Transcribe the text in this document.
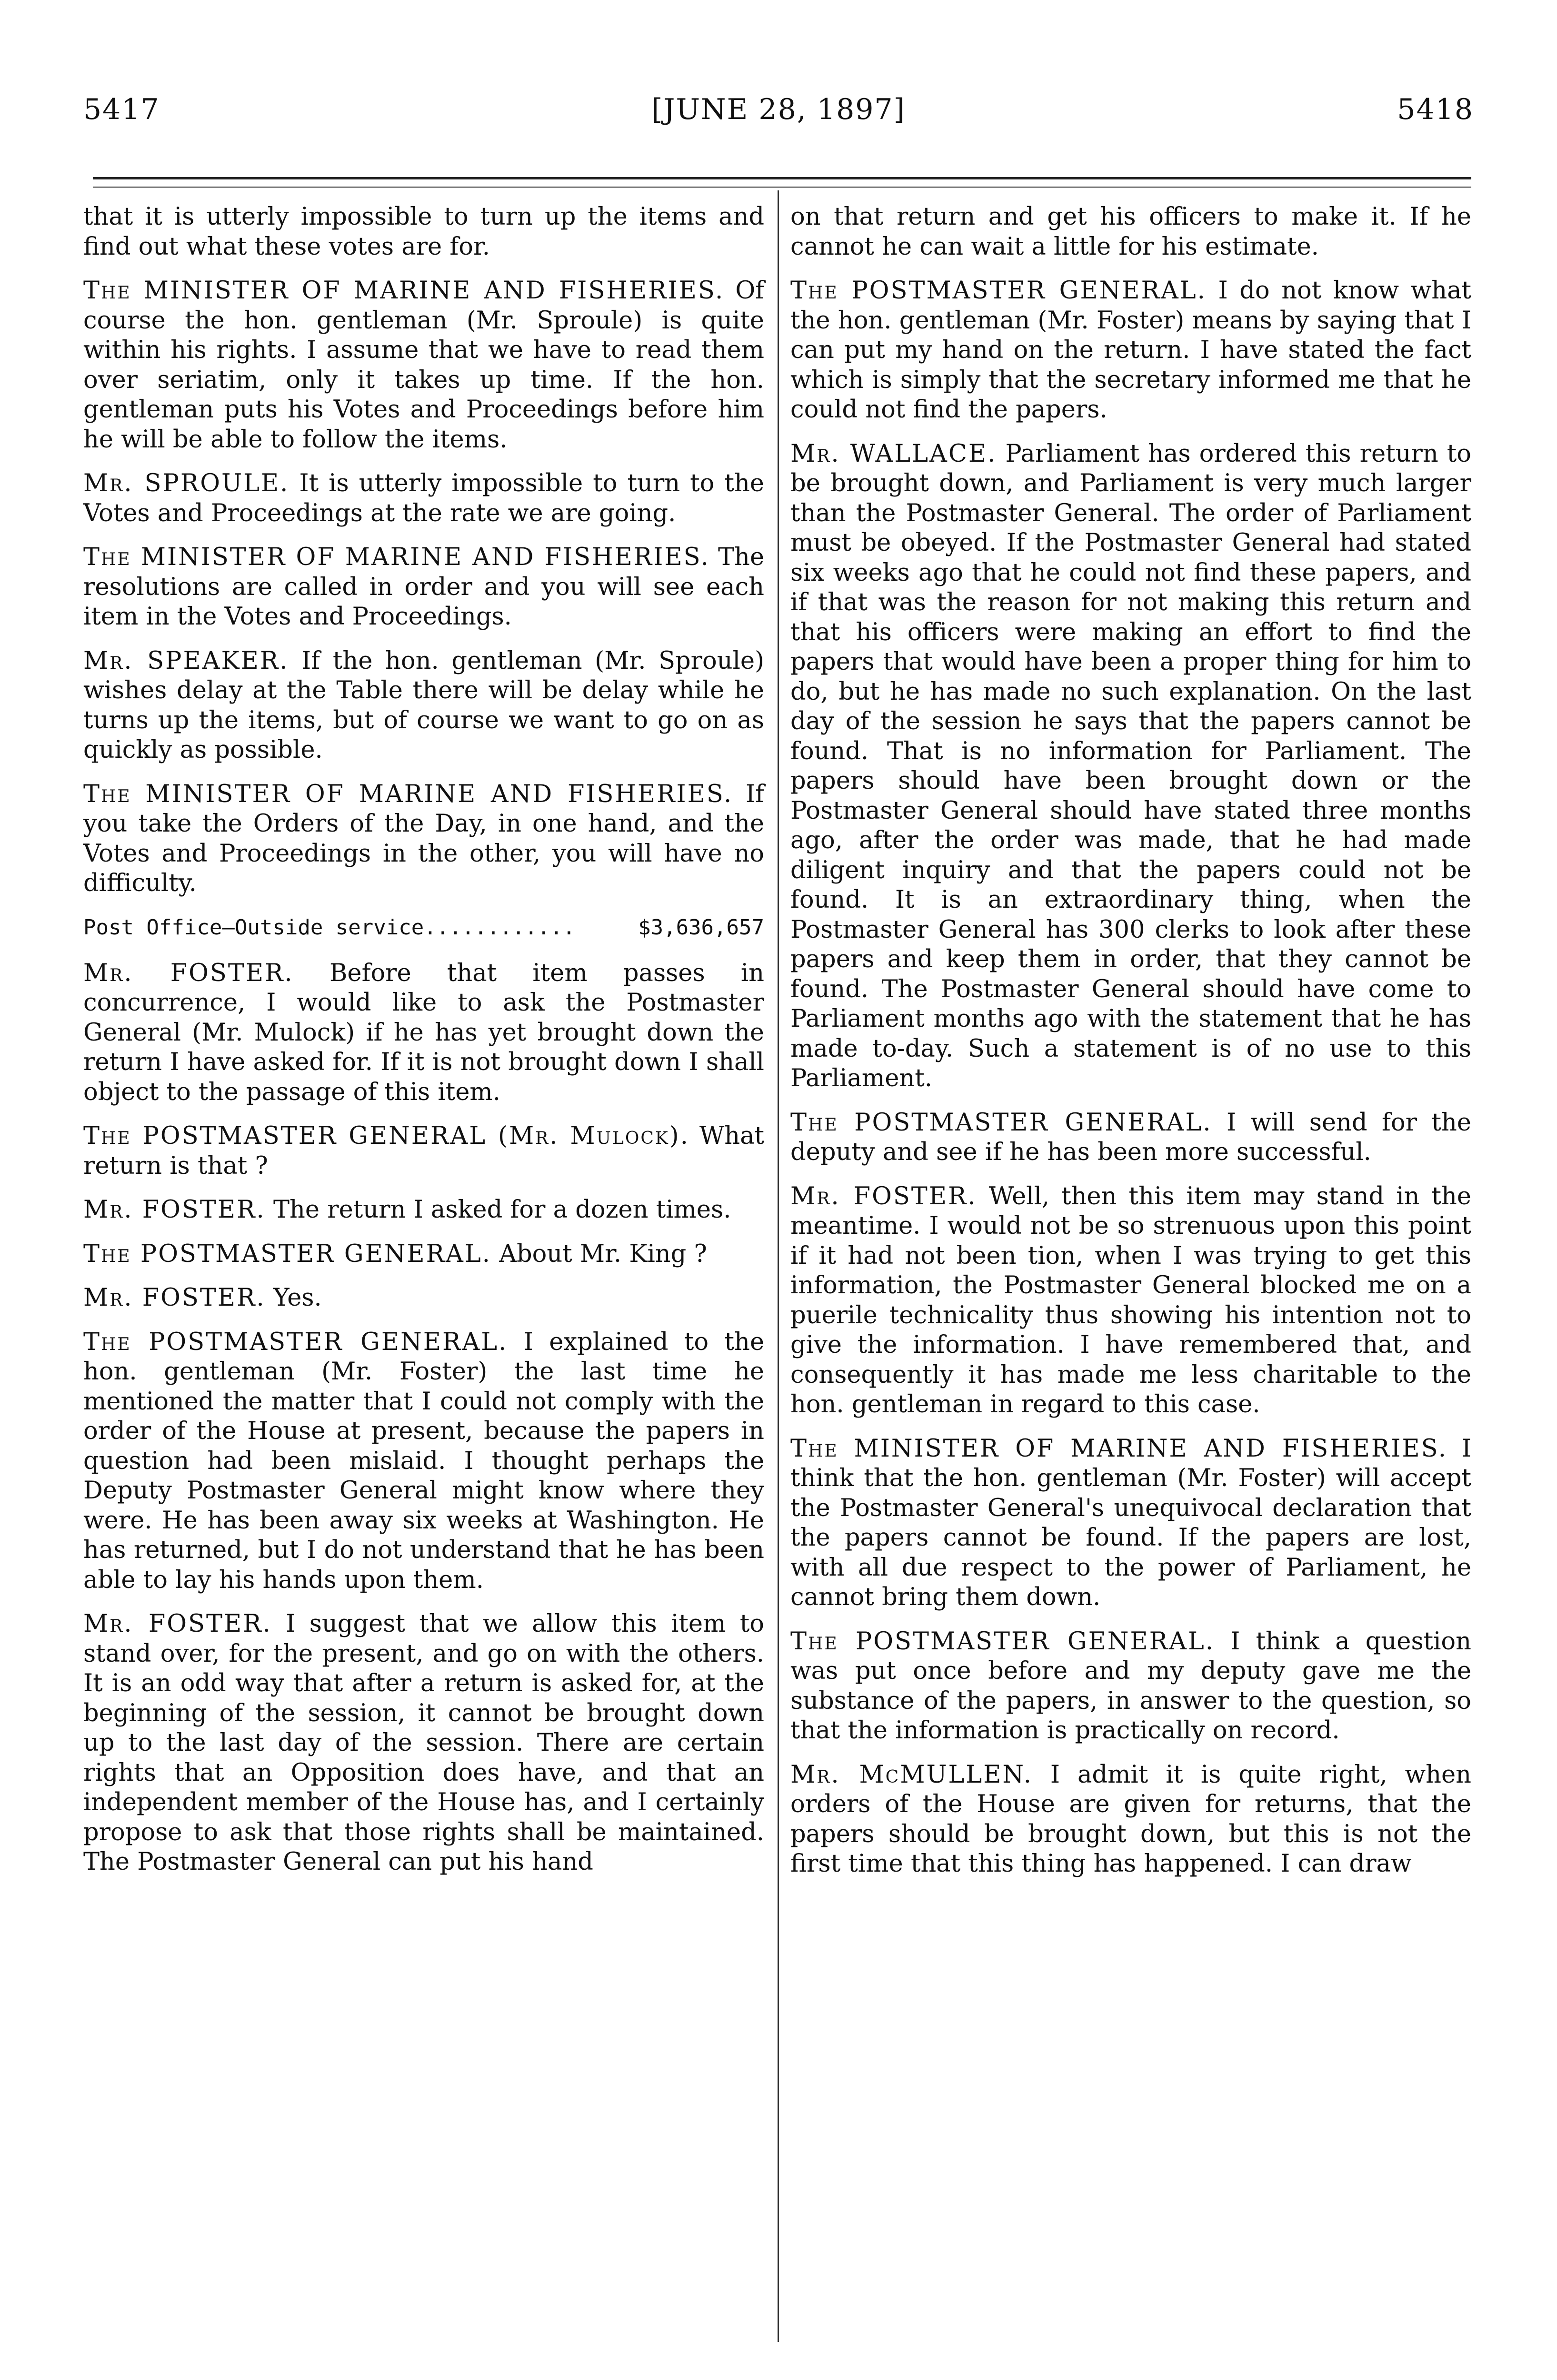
5417	[JUNE 28, 1897]	5418

that it is utterly impossible to turn up the items and find out what these votes are for.

The MINISTER OF MARINE AND FISHERIES. Of course the hon. gentleman (Mr. Sproule) is quite within his rights. I assume that we have to read them over seriatim, only it takes up time. If the hon. gentleman puts his Votes and Proceedings before him he will be able to follow the items.

Mr. SPROULE. It is utterly impossible to turn to the Votes and Proceedings at the rate we are going.

The MINISTER OF MARINE AND FISHERIES. The resolutions are called in order and you will see each item in the Votes and Proceedings.

Mr. SPEAKER. If the hon. gentleman (Mr. Sproule) wishes delay at the Table there will be delay while he turns up the items, but of course we want to go on as quickly as possible.

The MINISTER OF MARINE AND FISHERIES. If you take the Orders of the Day, in one hand, and the Votes and Proceedings in the other, you will have no difficulty.

Post Office—Outside service............	$3,636,657

Mr. FOSTER. Before that item passes in concurrence, I would like to ask the Postmaster General (Mr. Mulock) if he has yet brought down the return I have asked for. If it is not brought down I shall object to the passage of this item.

The POSTMASTER GENERAL (Mr. Mulock). What return is that ?

Mr. FOSTER. The return I asked for a dozen times.

The POSTMASTER GENERAL. About Mr. King ?

Mr. FOSTER. Yes.

The POSTMASTER GENERAL. I explained to the hon. gentleman (Mr. Foster) the last time he mentioned the matter that I could not comply with the order of the House at present, because the papers in question had been mislaid. I thought perhaps the Deputy Postmaster General might know where they were. He has been away six weeks at Washington. He has returned, but I do not understand that he has been able to lay his hands upon them.

Mr. FOSTER. I suggest that we allow this item to stand over, for the present, and go on with the others. It is an odd way that after a return is asked for, at the beginning of the session, it cannot be brought down up to the last day of the session. There are certain rights that an Opposition does have, and that an independent member of the House has, and I certainly propose to ask that those rights shall be maintained. The Postmaster General can put his hand

on that return and get his officers to make it. If he cannot he can wait a little for his estimate.

The POSTMASTER GENERAL. I do not know what the hon. gentleman (Mr. Foster) means by saying that I can put my hand on the return. I have stated the fact which is simply that the secretary informed me that he could not find the papers.

Mr. WALLACE. Parliament has ordered this return to be brought down, and Parliament is very much larger than the Postmaster General. The order of Parliament must be obeyed. If the Postmaster General had stated six weeks ago that he could not find these papers, and if that was the reason for not making this return and that his officers were making an effort to find the papers that would have been a proper thing for him to do, but he has made no such explanation. On the last day of the session he says that the papers cannot be found. That is no information for Parliament. The papers should have been brought down or the Postmaster General should have stated three months ago, after the order was made, that he had made diligent inquiry and that the papers could not be found. It is an extraordinary thing, when the Postmaster General has 300 clerks to look after these papers and keep them in order, that they cannot be found. The Postmaster General should have come to Parliament months ago with the statement that he has made to-day. Such a statement is of no use to this Parliament.

The POSTMASTER GENERAL. I will send for the deputy and see if he has been more successful.

Mr. FOSTER. Well, then this item may stand in the meantime. I would not be so strenuous upon this point if it had not been tion, when I was trying to get this information, the Postmaster General blocked me on a puerile technicality thus showing his intention not to give the information. I have remembered that, and consequently it has made me less charitable to the hon. gentleman in regard to this case.

The MINISTER OF MARINE AND FISHERIES. I think that the hon. gentleman (Mr. Foster) will accept the Postmaster General's unequivocal declaration that the papers cannot be found. If the papers are lost, with all due respect to the power of Parliament, he cannot bring them down.

The POSTMASTER GENERAL. I think a question was put once before and my deputy gave me the substance of the papers, in answer to the question, so that the information is practically on record.

Mr. McMULLEN. I admit it is quite right, when orders of the House are given for returns, that the papers should be brought down, but this is not the first time that this thing has happened. I can draw
